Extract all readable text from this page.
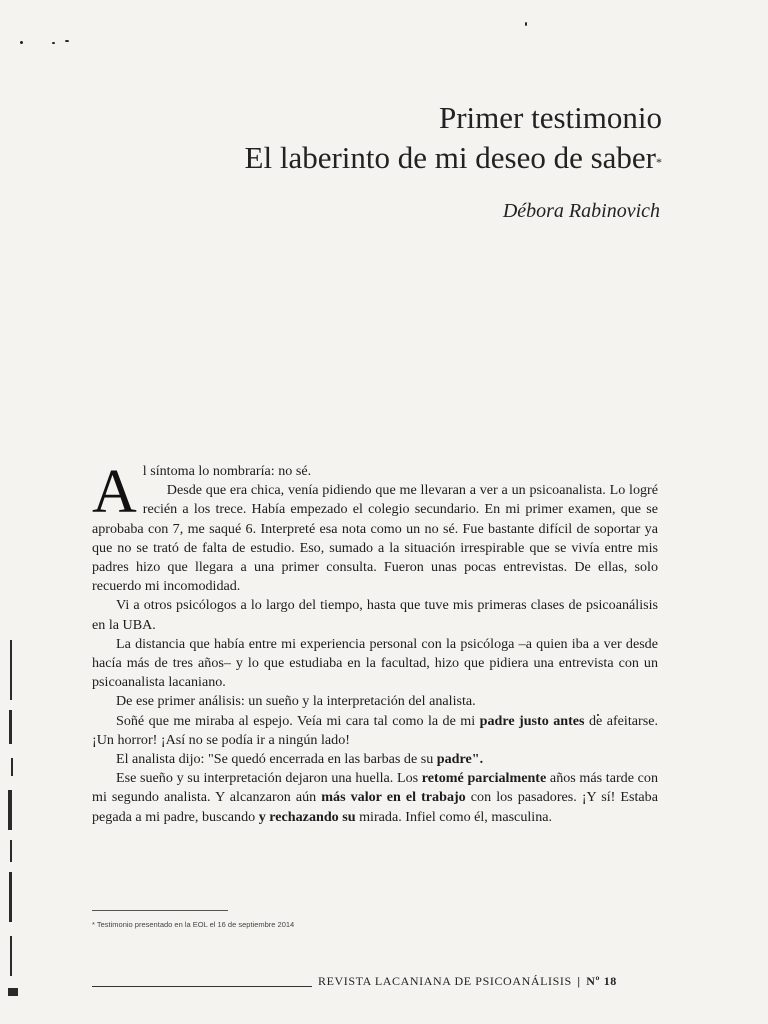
Primer testimonio
El laberinto de mi deseo de saber*
Débora Rabinovich

Al síntoma lo nombraría: no sé.

Desde que era chica, venía pidiendo que me llevaran a ver a un psicoanalista. Lo logré recién a los trece. Había empezado el colegio secundario. En mi primer examen, que se aprobaba con 7, me saqué 6. Interpreté esa nota como un no sé. Fue bastante difícil de soportar ya que no se trató de falta de estudio. Eso, sumado a la situación irrespirable que se vivía entre mis padres hizo que llegara a una primer consulta. Fueron unas pocas entrevistas. De ellas, solo recuerdo mi incomodidad.

Vi a otros psicólogos a lo largo del tiempo, hasta que tuve mis primeras clases de psicoanálisis en la UBA.

La distancia que había entre mi experiencia personal con la psicóloga –a quien iba a ver desde hacía más de tres años– y lo que estudiaba en la facultad, hizo que pidiera una entrevista con un psicoanalista lacaniano.

De ese primer análisis: un sueño y la interpretación del analista.

Soñé que me miraba al espejo. Veía mi cara tal como la de mi padre justo antes de afeitarse. ¡Un horror! ¡Así no se podía ir a ningún lado!

El analista dijo: "Se quedó encerrada en las barbas de su padre".

Ese sueño y su interpretación dejaron una huella. Los retomé parcialmente años más tarde con mi segundo analista. Y alcanzaron aún más valor en el trabajo con los pasadores. ¡Y sí! Estaba pegada a mi padre, buscando y rechazando su mirada. Infiel como él, masculina.

* Testimonio presentado en la EOL el 16 de septiembre 2014
REVISTA LACANIANA DE PSICOANÁLISIS | Nº 18
